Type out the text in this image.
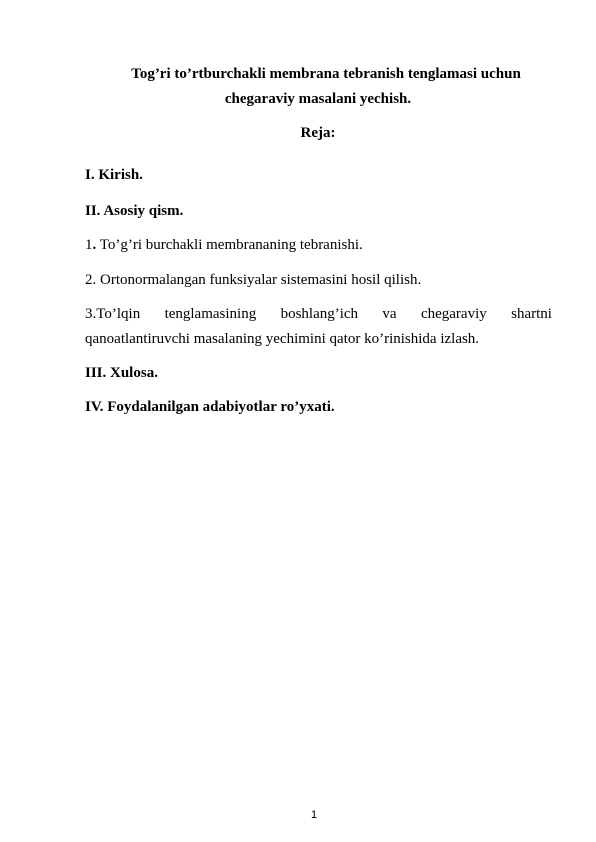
Tog’ri to’rtburchakli membrana tebranish tenglamasi uchun
chegaraviy masalani yechish.
Reja:
I. Kirish.
II. Asosiy qism.
1. To’g’ri burchakli membrananing tebranishi.
2. Ortonormalangan funksiyalar sistemasini hosil qilish.
3.To’lqin tenglamasining boshlang’ich va chegaraviy shartni
qanoatlantiruvchi masalaning yechimini qator ko’rinishida izlash.
III. Xulosa.
IV. Foydalanilgan adabiyotlar ro’yxati.
1
